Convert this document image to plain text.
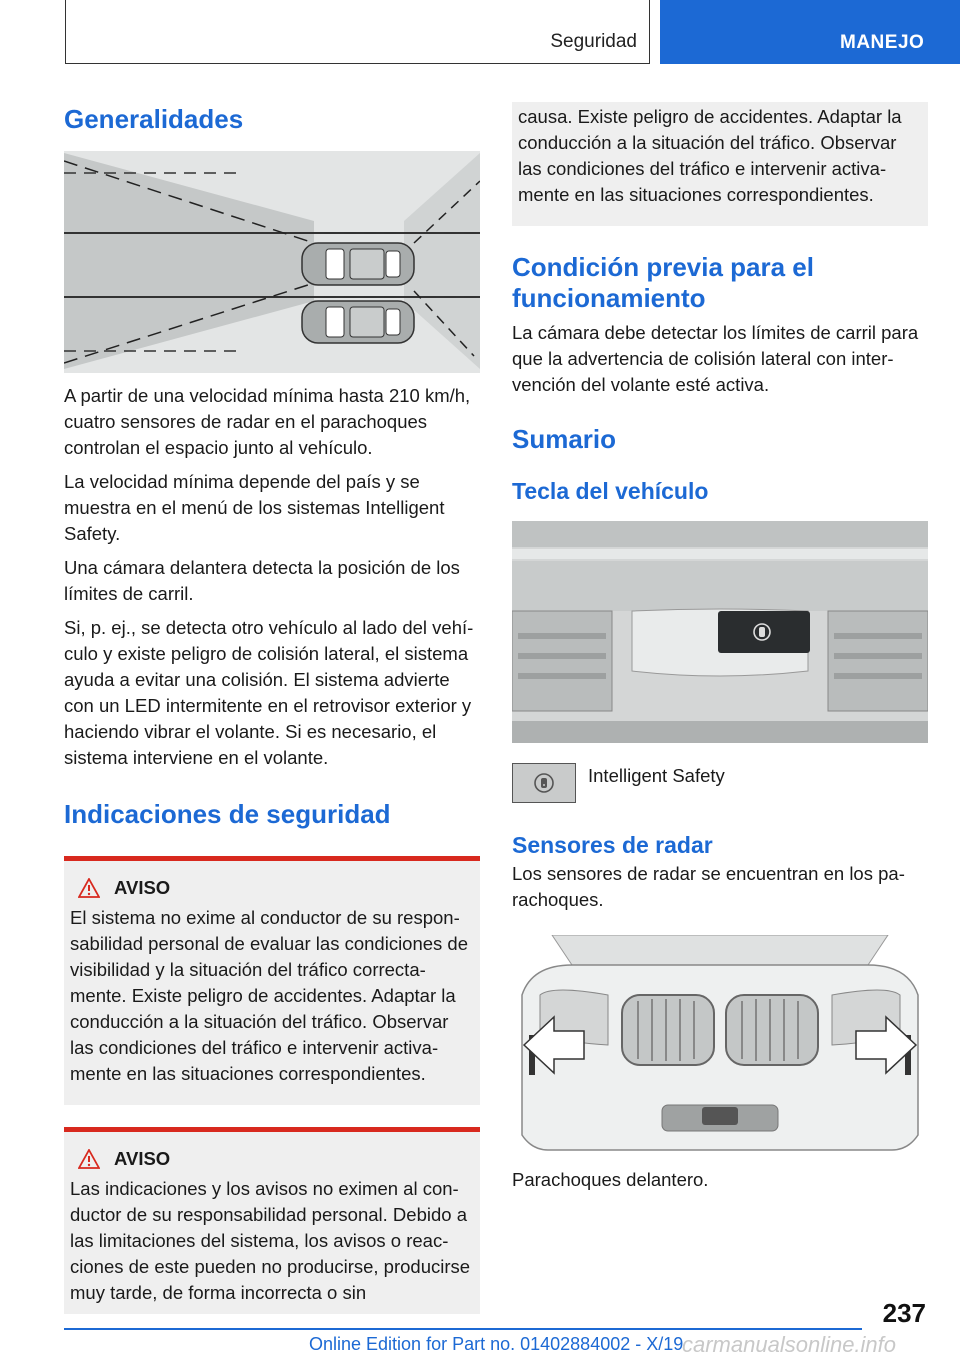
Seguridad	MANEJO
Generalidades

A partir de una velocidad mínima hasta 210 km/h, cuatro sensores de radar en el parachoques controlan el espacio junto al vehículo.

La velocidad mínima depende del país y se muestra en el menú de los sistemas Intelligent Safety.

Una cámara delantera detecta la posición de los límites de carril.

Si, p. ej., se detecta otro vehículo al lado del vehículo y existe peligro de colisión lateral, el sistema ayuda a evitar una colisión. El sistema advierte con un LED intermitente en el retrovisor exterior y haciendo vibrar el volante. Si es necesario, el sistema interviene en el volante.

Indicaciones de seguridad
AVISO

El sistema no exime al conductor de su responsabilidad personal de evaluar las condiciones de visibilidad y la situación del tráfico correctamente. Existe peligro de accidentes. Adaptar la conducción a la situación del tráfico. Observar las condiciones del tráfico e intervenir activamente en las situaciones correspondientes.

AVISO

Las indicaciones y los avisos no eximen al conductor de su responsabilidad personal. Debido a las limitaciones del sistema, los avisos o reacciones de este pueden no producirse, producirse muy tarde, de forma incorrecta o sin

causa. Existe peligro de accidentes. Adaptar la conducción a la situación del tráfico. Observar las condiciones del tráfico e intervenir activamente en las situaciones correspondientes.

Condición previa para el funcionamiento

La cámara debe detectar los límites de carril para que la advertencia de colisión lateral con intervención del volante esté activa.

Sumario
Tecla del vehículo
Intelligent Safety
Sensores de radar

Los sensores de radar se encuentran en los parachoques.

Parachoques delantero.

237
Online Edition for Part no. 01402884002 - X/19
carmanualsonline.info
